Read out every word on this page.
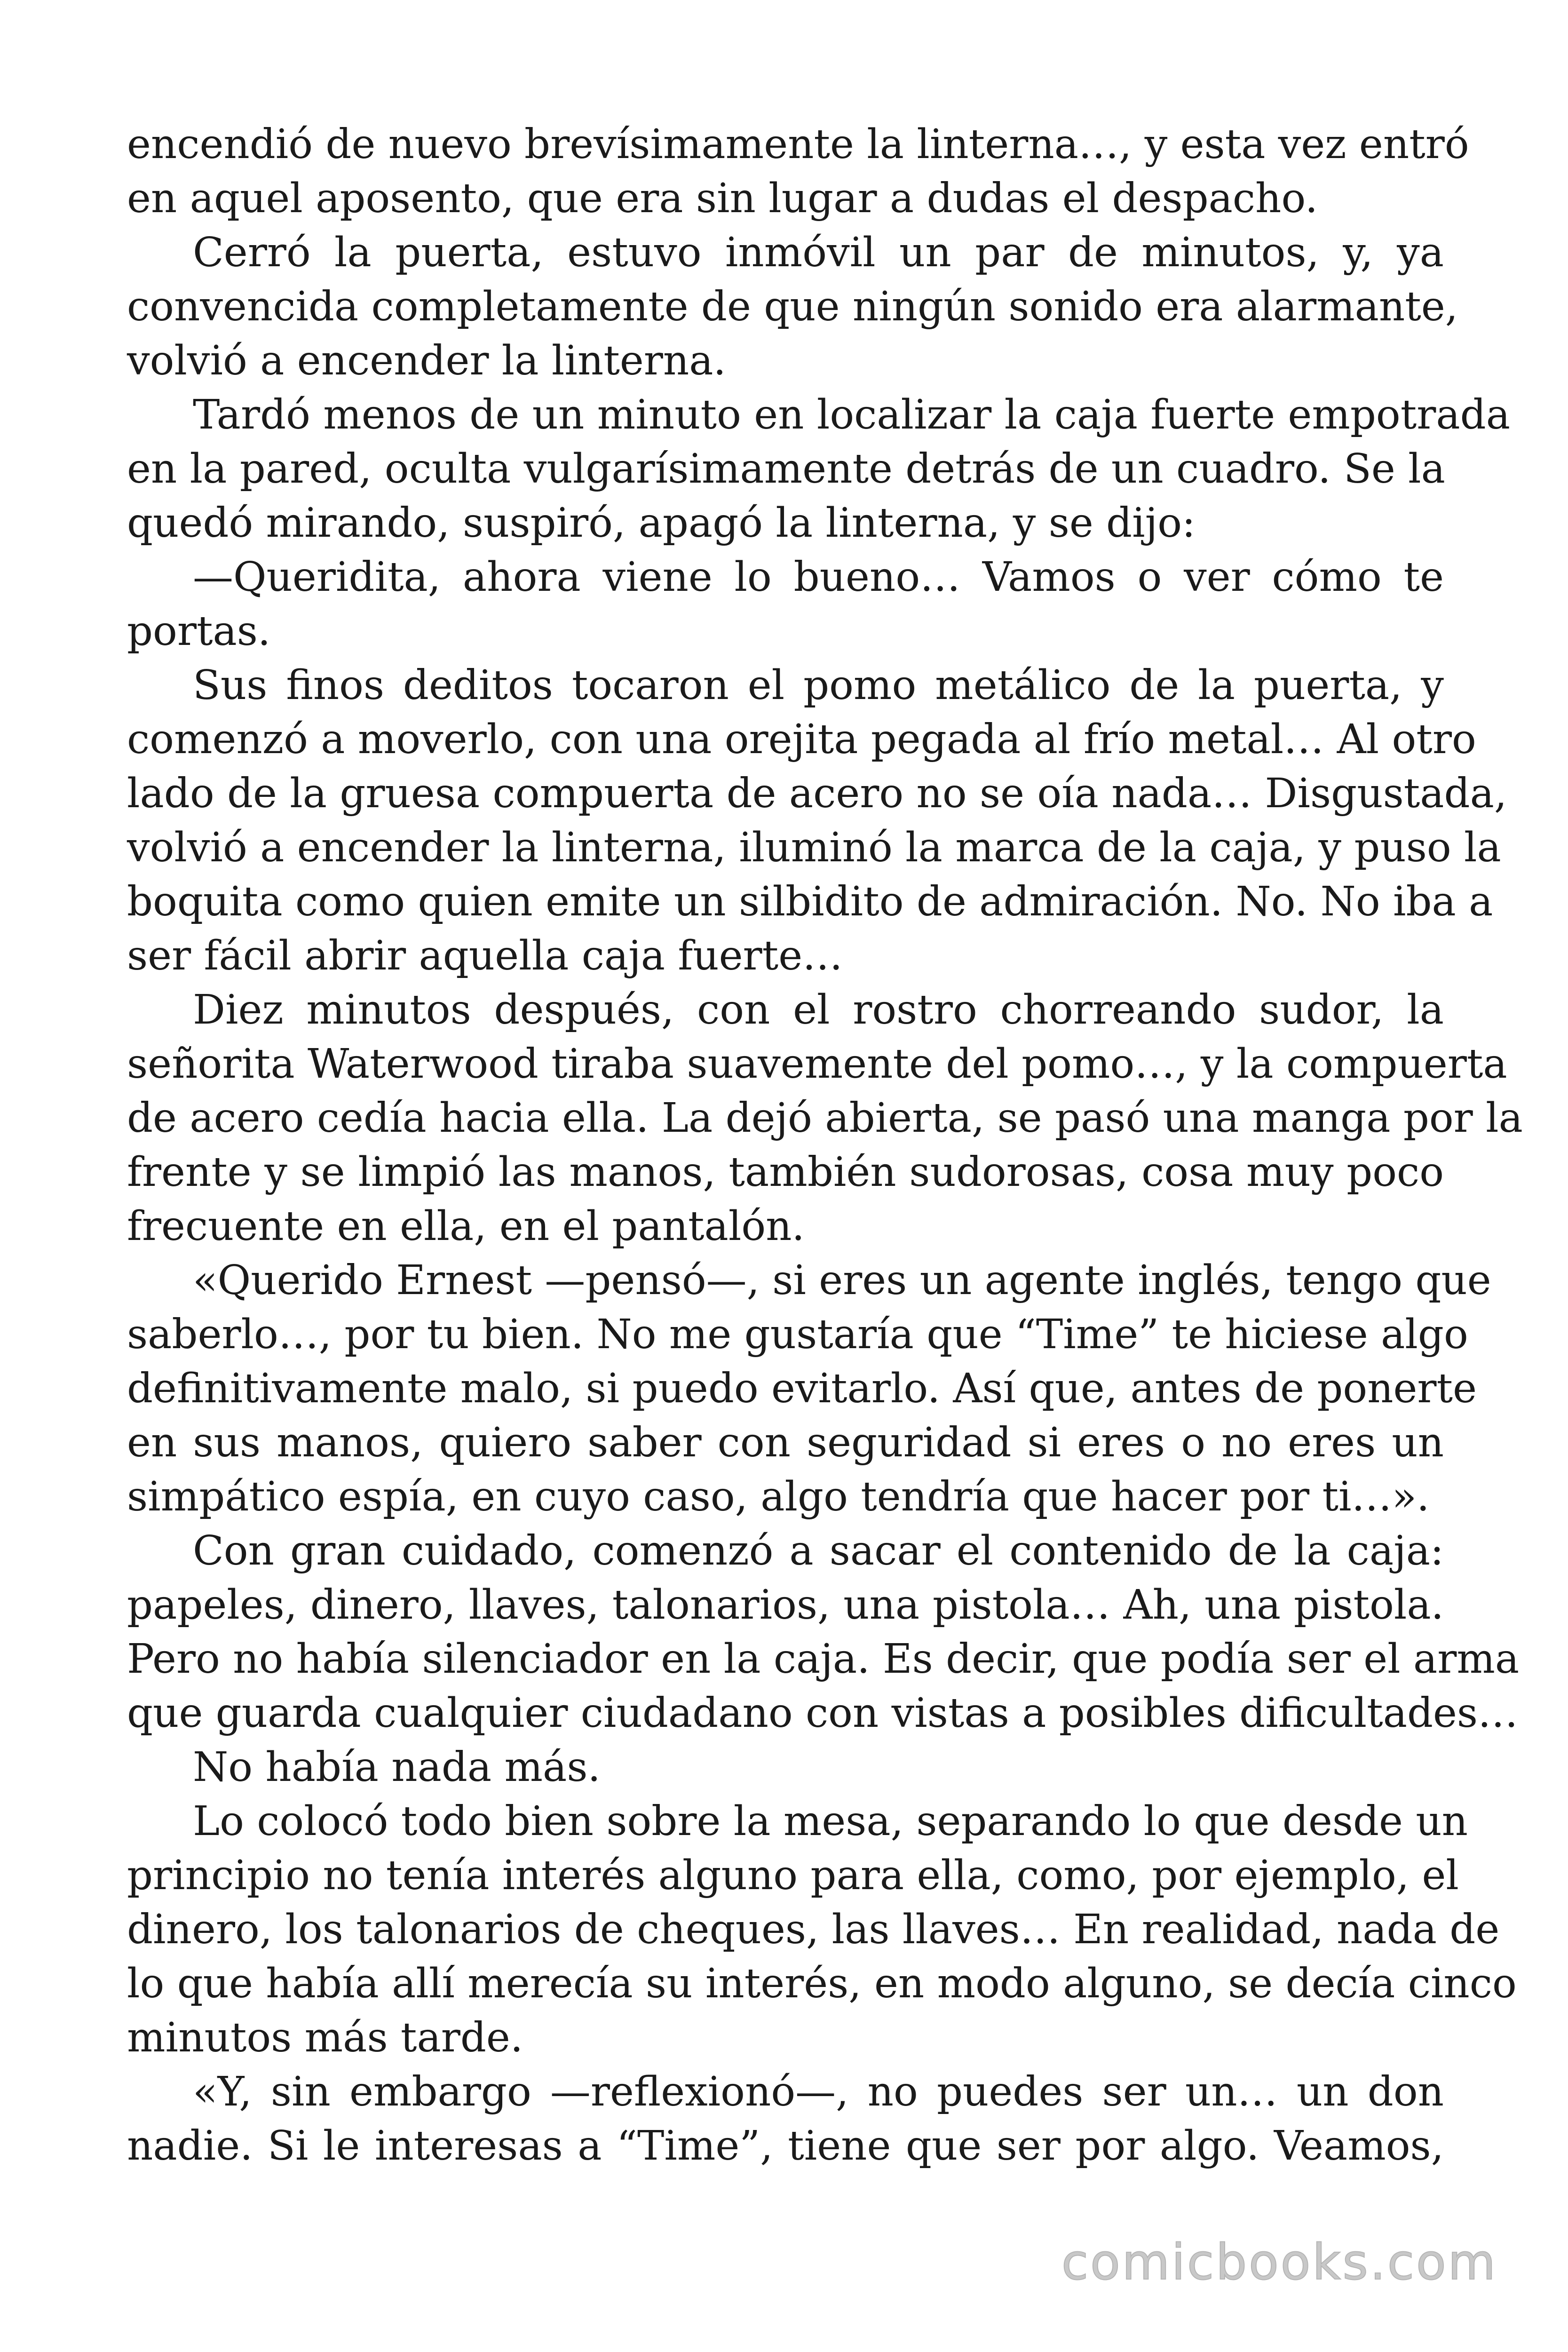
encendió de nuevo brevísimamente la linterna…, y esta vez entró
en aquel aposento, que era sin lugar a dudas el despacho.
Cerró la puerta, estuvo inmóvil un par de minutos, y, ya
convencida completamente de que ningún sonido era alarmante,
volvió a encender la linterna.
Tardó menos de un minuto en localizar la caja fuerte empotrada
en la pared, oculta vulgarísimamente detrás de un cuadro. Se la
quedó mirando, suspiró, apagó la linterna, y se dijo:
—Queridita, ahora viene lo bueno… Vamos o ver cómo te
portas.
Sus finos deditos tocaron el pomo metálico de la puerta, y
comenzó a moverlo, con una orejita pegada al frío metal… Al otro
lado de la gruesa compuerta de acero no se oía nada… Disgustada,
volvió a encender la linterna, iluminó la marca de la caja, y puso la
boquita como quien emite un silbidito de admiración. No. No iba a
ser fácil abrir aquella caja fuerte…
Diez minutos después, con el rostro chorreando sudor, la
señorita Waterwood tiraba suavemente del pomo…, y la compuerta
de acero cedía hacia ella. La dejó abierta, se pasó una manga por la
frente y se limpió las manos, también sudorosas, cosa muy poco
frecuente en ella, en el pantalón.
«Querido Ernest —pensó—, si eres un agente inglés, tengo que
saberlo…, por tu bien. No me gustaría que “Time” te hiciese algo
definitivamente malo, si puedo evitarlo. Así que, antes de ponerte
en sus manos, quiero saber con seguridad si eres o no eres un
simpático espía, en cuyo caso, algo tendría que hacer por ti…».
Con gran cuidado, comenzó a sacar el contenido de la caja:
papeles, dinero, llaves, talonarios, una pistola… Ah, una pistola.
Pero no había silenciador en la caja. Es decir, que podía ser el arma
que guarda cualquier ciudadano con vistas a posibles dificultades…
No había nada más.
Lo colocó todo bien sobre la mesa, separando lo que desde un
principio no tenía interés alguno para ella, como, por ejemplo, el
dinero, los talonarios de cheques, las llaves… En realidad, nada de
lo que había allí merecía su interés, en modo alguno, se decía cinco
minutos más tarde.
«Y, sin embargo —reflexionó—, no puedes ser un… un don
nadie. Si le interesas a “Time”, tiene que ser por algo. Veamos,
comicbooks.com
